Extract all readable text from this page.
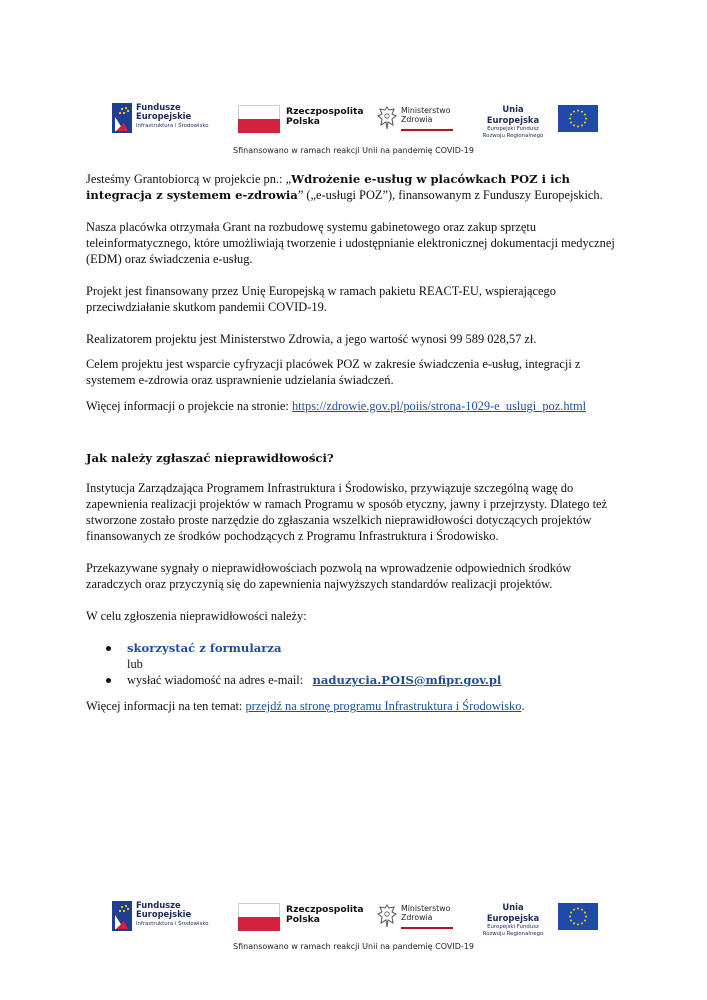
Fundusze
Europejskie
Infrastruktura i Środowisko
Rzeczpospolita
Polska
Ministerstwo
Zdrowia
Unia Europejska
Europejski Fundusz
Rozwoju Regionalnego
Sfinansowano w ramach reakcji Unii na pandemię COVID-19

Jesteśmy Grantobiorcą w projekcie pn.: „Wdrożenie e-usług w placówkach POZ i ich integracja z systemem e-zdrowia” („e-usługi POZ”), finansowanym z Funduszy Europejskich.

Nasza placówka otrzymała Grant na rozbudowę systemu gabinetowego oraz zakup sprzętu teleinformatycznego, które umożliwiają tworzenie i udostępnianie elektronicznej dokumentacji medycznej (EDM) oraz świadczenia e-usług.

Projekt jest finansowany przez Unię Europejską w ramach pakietu REACT-EU, wspierającego przeciwdziałanie skutkom pandemii COVID-19.

Realizatorem projektu jest Ministerstwo Zdrowia, a jego wartość wynosi 99 589 028,57 zł.

Celem projektu jest wsparcie cyfryzacji placówek POZ w zakresie świadczenia e-usług, integracji z systemem e-zdrowia oraz usprawnienie udzielania świadczeń.

Więcej informacji o projekcie na stronie: https://zdrowie.gov.pl/poiis/strona-1029-e_uslugi_poz.html

Jak należy zgłaszać nieprawidłowości?

Instytucja Zarządzająca Programem Infrastruktura i Środowisko, przywiązuje szczególną wagę do zapewnienia realizacji projektów w ramach Programu w sposób etyczny, jawny i przejrzysty. Dlatego też stworzone zostało proste narzędzie do zgłaszania wszelkich nieprawidłowości dotyczących projektów finansowanych ze środków pochodzących z Programu Infrastruktura i Środowisko.

Przekazywane sygnały o nieprawidłowościach pozwolą na wprowadzenie odpowiednich środków zaradczych oraz przyczynią się do zapewnienia najwyższych standardów realizacji projektów.

W celu zgłoszenia nieprawidłowości należy:

skorzystać z formularza
lub
wysłać wiadomość na adres e-mail: naduzycia.POIS@mfipr.gov.pl

Więcej informacji na ten temat: przejdź na stronę programu Infrastruktura i Środowisko.

Fundusze
Europejskie
Infrastruktura i Środowisko
Rzeczpospolita
Polska
Ministerstwo
Zdrowia
Unia Europejska
Europejski Fundusz
Rozwoju Regionalnego
Sfinansowano w ramach reakcji Unii na pandemię COVID-19
